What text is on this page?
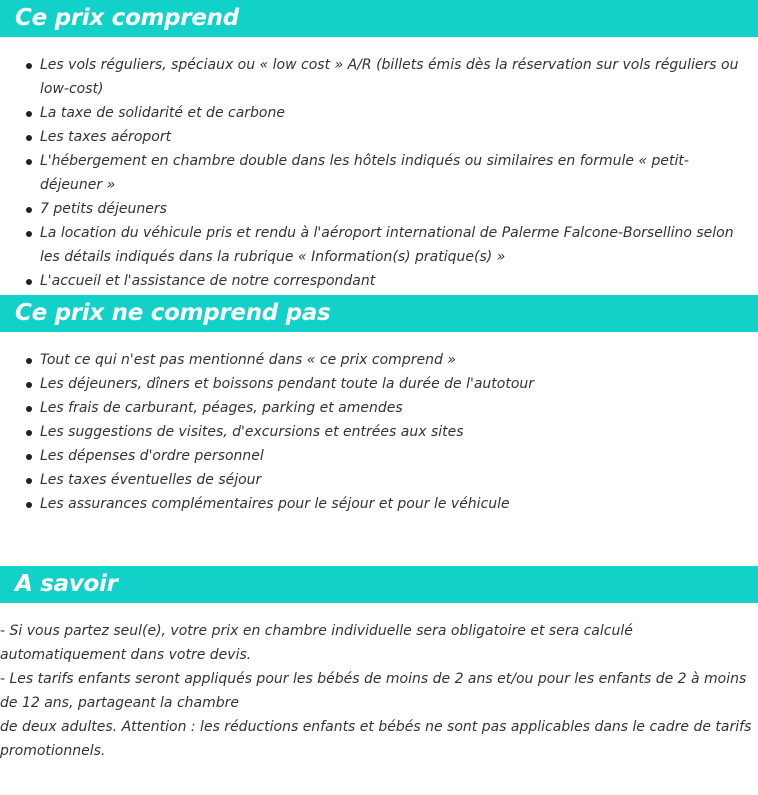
Ce prix comprend
Les vols réguliers, spéciaux ou « low cost » A/R (billets émis dès la réservation sur vols réguliers ou low-cost)
La taxe de solidarité et de carbone
Les taxes aéroport
L'hébergement en chambre double dans les hôtels indiqués ou similaires en formule « petit-déjeuner »
7 petits déjeuners
La location du véhicule pris et rendu à l'aéroport international de Palerme Falcone-Borsellino selon les détails indiqués dans la rubrique « Information(s) pratique(s) »
L'accueil et l'assistance de notre correspondant
Ce prix ne comprend pas
Tout ce qui n'est pas mentionné dans « ce prix comprend »
Les déjeuners, dîners et boissons pendant toute la durée de l'autotour
Les frais de carburant, péages, parking et amendes
Les suggestions de visites, d'excursions et entrées aux sites
Les dépenses d'ordre personnel
Les taxes éventuelles de séjour
Les assurances complémentaires pour le séjour et pour le véhicule
A savoir

- Si vous partez seul(e), votre prix en chambre individuelle sera obligatoire et sera calculé automatiquement dans votre devis.

- Les tarifs enfants seront appliqués pour les bébés de moins de 2 ans et/ou pour les enfants de 2 à moins de 12 ans, partageant la chambre

de deux adultes. Attention : les réductions enfants et bébés ne sont pas applicables dans le cadre de tarifs promotionnels.
